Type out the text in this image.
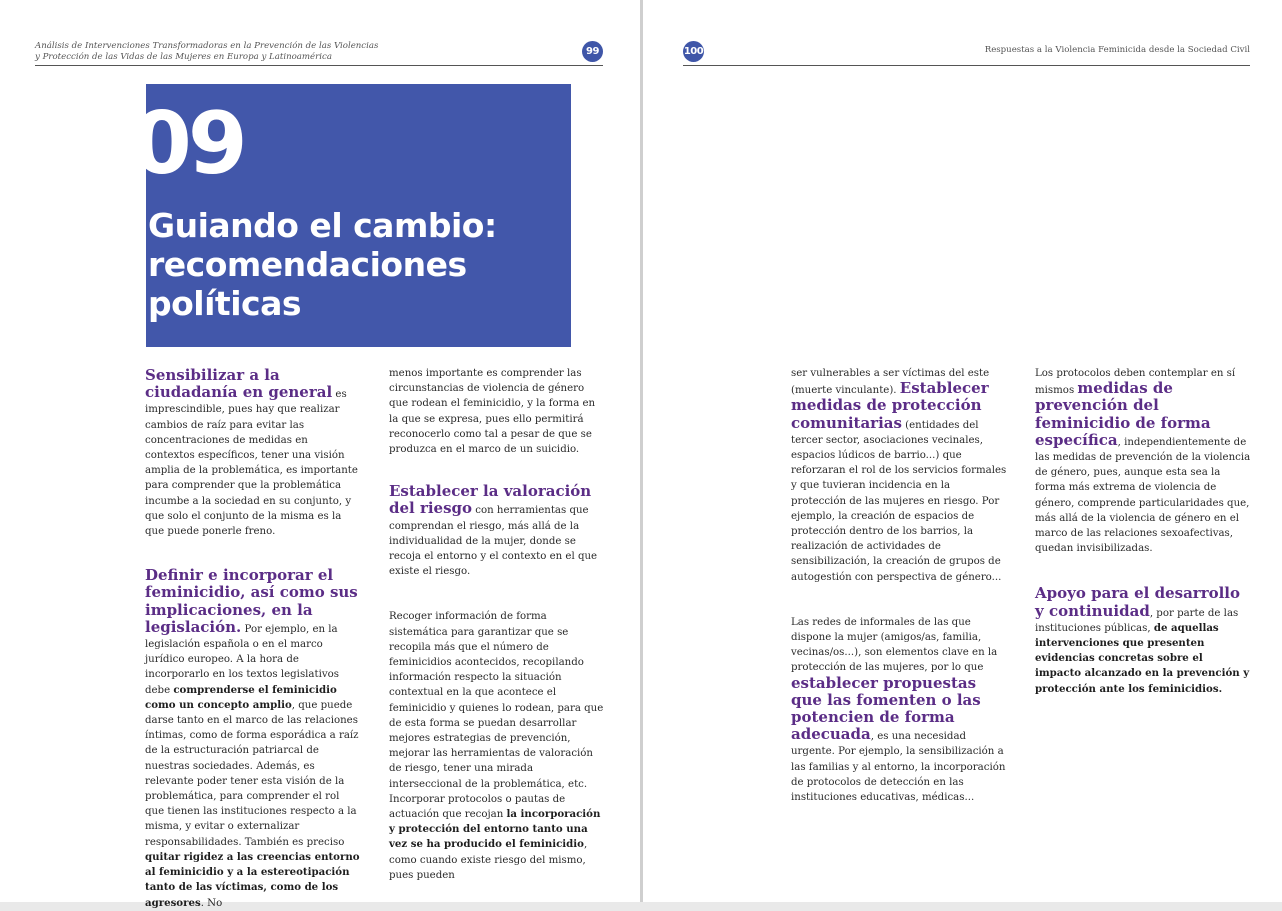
Análisis de Intervenciones Transformadoras en la Prevención de las Violencias
y Protección de las Vidas de las Mujeres en Europa y Latinoamérica	99
09
Guiando el cambio:
recomendaciones
políticas

Sensibilizar a la ciudadanía en general es imprescindible, pues hay que realizar cambios de raíz para evitar las concentraciones de medidas en contextos específicos, tener una visión amplia de la problemática, es importante para comprender que la problemática incumbe a la sociedad en su conjunto, y que solo el conjunto de la misma es la que puede ponerle freno.

Definir e incorporar el feminicidio, así como sus implicaciones, en la legislación. Por ejemplo, en la legislación española o en el marco jurídico europeo. A la hora de incorporarlo en los textos legislativos debe comprenderse el feminicidio como un concepto amplio, que puede darse tanto en el marco de las relaciones íntimas, como de forma esporádica a raíz de la estructuración patriarcal de nuestras sociedades. Además, es relevante poder tener esta visión de la problemática, para comprender el rol que tienen las instituciones respecto a la misma, y evitar o externalizar responsabilidades. También es preciso quitar rigidez a las creencias entorno al feminicidio y a la estereotipación tanto de las víctimas, como de los agresores. No

menos importante es comprender las circunstancias de violencia de género que rodean el feminicidio, y la forma en la que se expresa, pues ello permitirá reconocerlo como tal a pesar de que se produzca en el marco de un suicidio.

Establecer la valoración del riesgo con herramientas que comprendan el riesgo, más allá de la individualidad de la mujer, donde se recoja el entorno y el contexto en el que existe el riesgo.

Recoger información de forma sistemática para garantizar que se recopila más que el número de feminicidios acontecidos, recopilando información respecto la situación contextual en la que acontece el feminicidio y quienes lo rodean, para que de esta forma se puedan desarrollar mejores estrategias de prevención, mejorar las herramientas de valoración de riesgo, tener una mirada interseccional de la problemática, etc. Incorporar protocolos o pautas de actuación que recojan la incorporación y protección del entorno tanto una vez se ha producido el feminicidio, como cuando existe riesgo del mismo, pues pueden

100	Respuestas a la Violencia Feminicida desde la Sociedad Civil

ser vulnerables a ser víctimas del este (muerte vinculante). Establecer medidas de protección comunitarias (entidades del tercer sector, asociaciones vecinales, espacios lúdicos de barrio...) que reforzaran el rol de los servicios formales y que tuvieran incidencia en la protección de las mujeres en riesgo. Por ejemplo, la creación de espacios de protección dentro de los barrios, la realización de actividades de sensibilización, la creación de grupos de autogestión con perspectiva de género...

Las redes de informales de las que dispone la mujer (amigos/as, familia, vecinas/os...), son elementos clave en la protección de las mujeres, por lo que establecer propuestas que las fomenten o las potencien de forma adecuada, es una necesidad urgente. Por ejemplo, la sensibilización a las familias y al entorno, la incorporación de protocolos de detección en las instituciones educativas, médicas...

Los protocolos deben contemplar en sí mismos medidas de prevención del feminicidio de forma específica, independientemente de las medidas de prevención de la violencia de género, pues, aunque esta sea la forma más extrema de violencia de género, comprende particularidades que, más allá de la violencia de género en el marco de las relaciones sexoafectivas, quedan invisibilizadas.

Apoyo para el desarrollo y continuidad, por parte de las instituciones públicas, de aquellas intervenciones que presenten evidencias concretas sobre el impacto alcanzado en la prevención y protección ante los feminicidios.
